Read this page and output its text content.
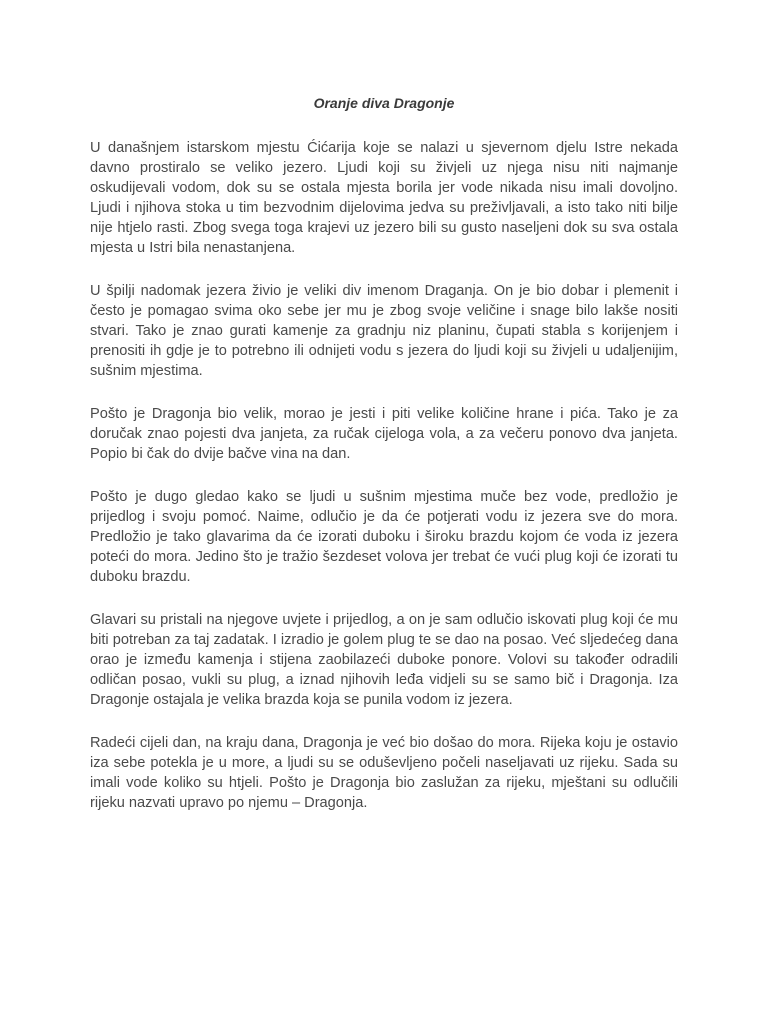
Oranje diva Dragonje

U današnjem istarskom mjestu Ćićarija koje se nalazi u sjevernom djelu Istre nekada davno prostiralo se veliko jezero. Ljudi koji su živjeli uz njega nisu niti najmanje oskudijevali vodom, dok su se ostala mjesta borila jer vode nikada nisu imali dovoljno. Ljudi i njihova stoka u tim bezvodnim dijelovima jedva su preživljavali, a isto tako niti bilje nije htjelo rasti. Zbog svega toga krajevi uz jezero bili su gusto naseljeni dok su sva ostala mjesta u Istri bila nenastanjena.

U špilji nadomak jezera živio je veliki div imenom Draganja. On je bio dobar i plemenit i često je pomagao svima oko sebe jer mu je zbog svoje veličine i snage bilo lakše nositi stvari. Tako je znao gurati kamenje za gradnju niz planinu, čupati stabla s korijenjem i prenositi ih gdje je to potrebno ili odnijeti vodu s jezera do ljudi koji su živjeli u udaljenijim, sušnim mjestima.

Pošto je Dragonja bio velik, morao je jesti i piti velike količine hrane i pića. Tako je za doručak znao pojesti dva janjeta, za ručak cijeloga vola, a za večeru ponovo dva janjeta. Popio bi čak do dvije bačve vina na dan.

Pošto je dugo gledao kako se ljudi u sušnim mjestima muče bez vode, predložio je prijedlog i svoju pomoć. Naime, odlučio je da će potjerati vodu iz jezera sve do mora. Predložio je tako glavarima da će izorati duboku i široku brazdu kojom će voda iz jezera poteći do mora. Jedino što je tražio šezdeset volova jer trebat će vući plug koji će izorati tu duboku brazdu.

Glavari su pristali na njegove uvjete i prijedlog, a on je sam odlučio iskovati plug koji će mu biti potreban za taj zadatak. I izradio je golem plug te se dao na posao. Već sljedećeg dana orao je između kamenja i stijena zaobilazeći duboke ponore. Volovi su također odradili odličan posao, vukli su plug, a iznad njihovih leđa vidjeli su se samo bič i Dragonja. Iza Dragonje ostajala je velika brazda koja se punila vodom iz jezera.

Radeći cijeli dan, na kraju dana, Dragonja je već bio došao do mora. Rijeka koju je ostavio iza sebe potekla je u more, a ljudi su se oduševljeno počeli naseljavati uz rijeku. Sada su imali vode koliko su htjeli. Pošto je Dragonja bio zaslužan za rijeku, mještani su odlučili rijeku nazvati upravo po njemu – Dragonja.
